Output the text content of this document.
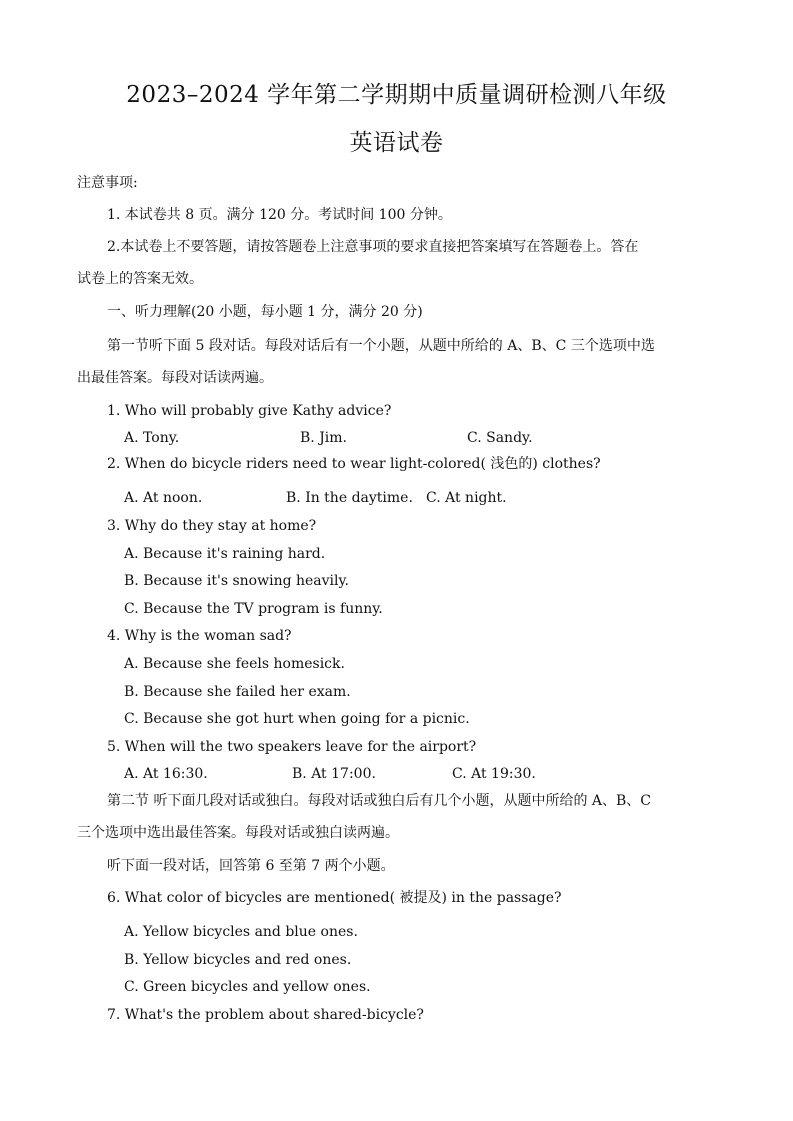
2023–2024 学年第二学期期中质量调研检测八年级
英语试卷
注意事项:
1. 本试卷共 8 页。满分 120 分。考试时间 100 分钟。
2.本试卷上不要答题，请按答题卷上注意事项的要求直接把答案填写在答题卷上。答在
试卷上的答案无效。
一、听力理解(20 小题，每小题 1 分，满分 20 分)
第一节听下面 5 段对话。每段对话后有一个小题，从题中所给的 A、B、C 三个选项中选
出最佳答案。每段对话读两遍。
1. Who will probably give Kathy advice?
A. Tony.	B. Jim.	C. Sandy.
2. When do bicycle riders need to wear light-colored( 浅色的) clothes?
A. At noon.	B. In the daytime. C. At night.
3. Why do they stay at home?
A. Because it's raining hard.
B. Because it's snowing heavily.
C. Because the TV program is funny.
4. Why is the woman sad?
A. Because she feels homesick.
B. Because she failed her exam.
C. Because she got hurt when going for a picnic.
5. When will the two speakers leave for the airport?
A. At 16:30.	B. At 17:00.	C. At 19:30.
第二节 听下面几段对话或独白。每段对话或独白后有几个小题，从题中所给的 A、B、C
三个选项中选出最佳答案。每段对话或独白读两遍。
听下面一段对话，回答第 6 至第 7 两个小题。
6. What color of bicycles are mentioned( 被提及) in the passage?
A. Yellow bicycles and blue ones.
B. Yellow bicycles and red ones.
C. Green bicycles and yellow ones.
7. What's the problem about shared-bicycle?
